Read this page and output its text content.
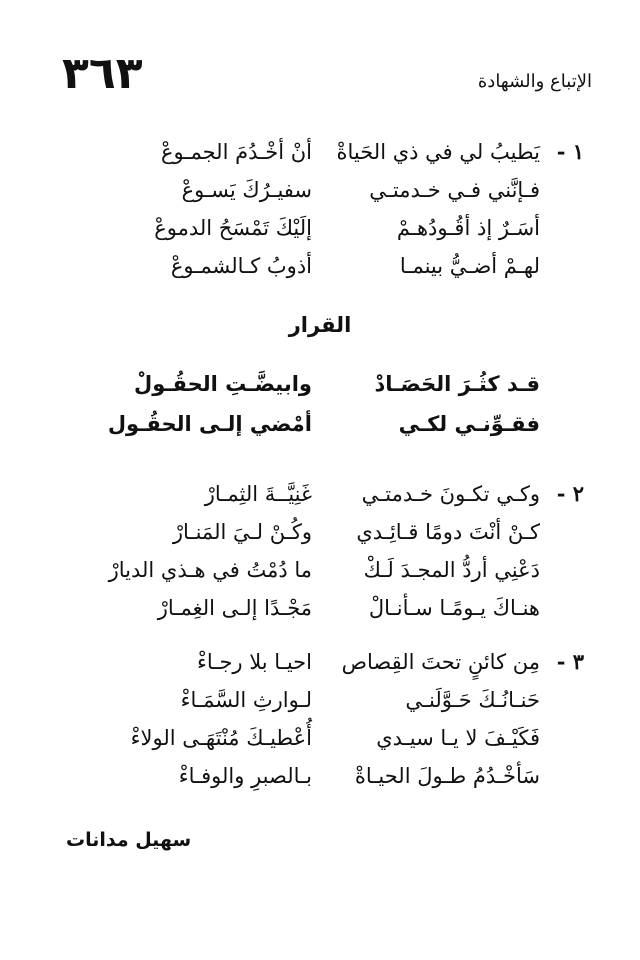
٣٦٣	الإتباع والشهادة
١ -
يَطيبُ لي في ذي الحَياةْ
أنْ أخْـدُمَ الجمـوعْ
فـإنَّني فـي خـدمتـي
سفيـرُكَ يَسـوعْ
أسَـرٌ إذ أقُـودُهـمْ
إلَيْكَ تَمْسَحُ الدموعْ
لهـمْ أضـيُّ بينمـا
أذوبُ كـالشمـوعْ
القرار
قـد كثُـرَ الحَصَـادْ
وابيضَّـتِ الحقُـولْ
فقـوِّنـي لكـي
أمْضي إلـى الحقُـول
٢ -
وكـي تكـونَ خـدمتـي
غَنِيَّــةَ الثِمـارْ
كـنْ أنْتَ دومًا قـائِـدي
وكُـنْ لـيَ المَنـارْ
دَعْنِي أردُّ المجـدَ لَـكْ
ما دُمْتُ في هـذي الديارْ
هنـاكَ يـومًـا سـأنـالْ
مَجْـدًا إلـى الغِمـارْ
٣ -
مِن كائنٍ تحتَ القِصاص
احيـا بلا رجـاءْ
حَنـانُـكَ حَـوَّلَنـي
لـوارثِ السَّمَـاءْ
فَكَيْـفَ لا يـا سيـدي
أُعْطيـكَ مُنْتَهَـى الولاءْ
سَأخْـدُمُ طـولَ الحيـاةْ
بـالصبرِ والوفـاءْ
سهيل مدانات
